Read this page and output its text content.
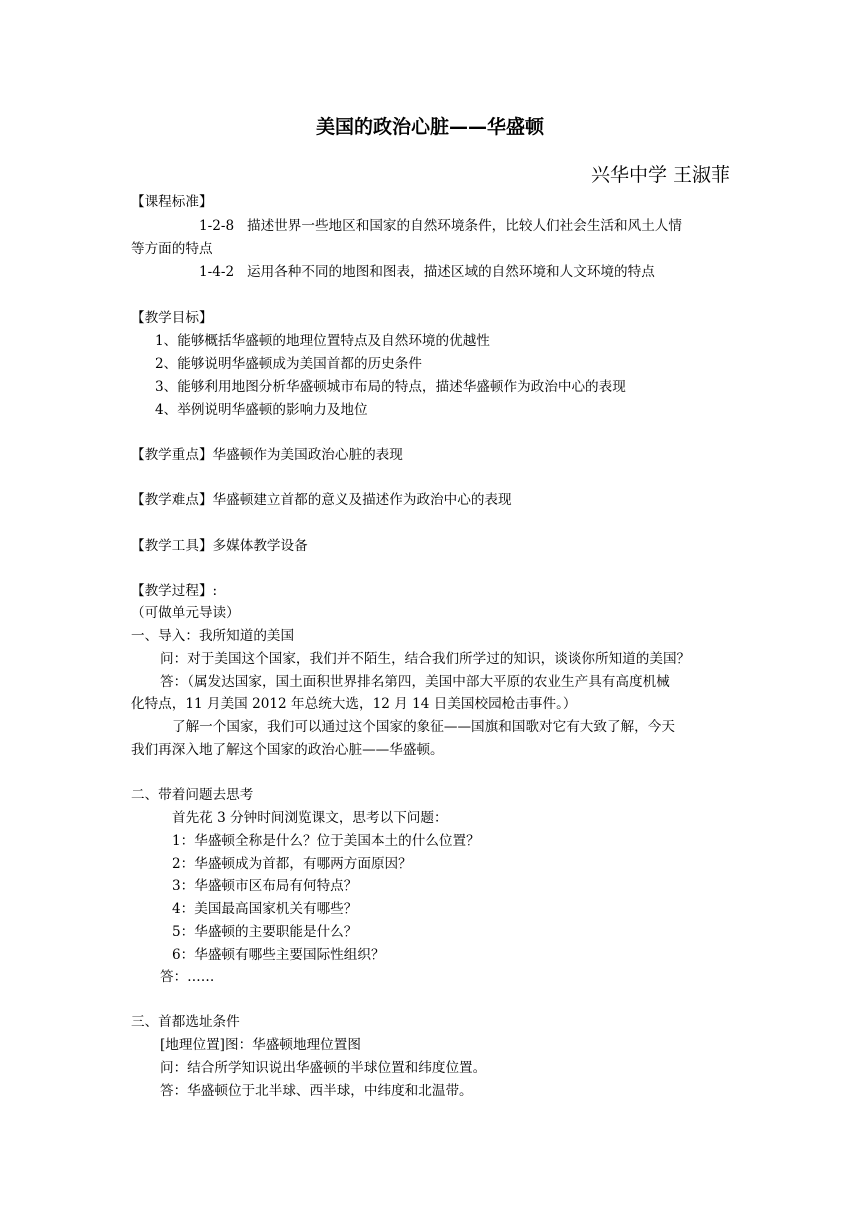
美国的政治心脏——华盛顿
兴华中学 王淑菲
【课程标准】
1-2-8 描述世界一些地区和国家的自然环境条件，比较人们社会生活和风土人情
等方面的特点
1-4-2 运用各种不同的地图和图表，描述区域的自然环境和人文环境的特点
【教学目标】
1、能够概括华盛顿的地理位置特点及自然环境的优越性
2、能够说明华盛顿成为美国首都的历史条件
3、能够利用地图分析华盛顿城市布局的特点，描述华盛顿作为政治中心的表现
4、举例说明华盛顿的影响力及地位
【教学重点】华盛顿作为美国政治心脏的表现
【教学难点】华盛顿建立首都的意义及描述作为政治中心的表现
【教学工具】多媒体教学设备
【教学过程】:
（可做单元导读）
一、导入：我所知道的美国
问：对于美国这个国家，我们并不陌生，结合我们所学过的知识，谈谈你所知道的美国？
答：（属发达国家，国土面积世界排名第四，美国中部大平原的农业生产具有高度机械
化特点，11 月美国 2012 年总统大选，12 月 14 日美国校园枪击事件。）
了解一个国家，我们可以通过这个国家的象征——国旗和国歌对它有大致了解，今天
我们再深入地了解这个国家的政治心脏——华盛顿。
二、带着问题去思考
首先花 3 分钟时间浏览课文，思考以下问题：
1：华盛顿全称是什么？位于美国本土的什么位置？
2：华盛顿成为首都，有哪两方面原因？
3：华盛顿市区布局有何特点？
4：美国最高国家机关有哪些？
5：华盛顿的主要职能是什么？
6：华盛顿有哪些主要国际性组织？
答：……
三、首都选址条件
[地理位置]图：华盛顿地理位置图
问：结合所学知识说出华盛顿的半球位置和纬度位置。
答：华盛顿位于北半球、西半球，中纬度和北温带。
